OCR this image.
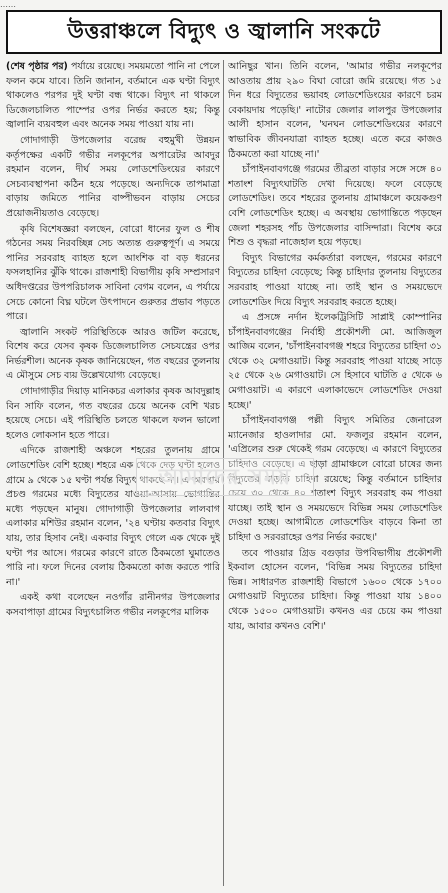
……
উত্তরাঞ্চলে বিদ্যুৎ ও জ্বালানি সংকটে

(শেষ পৃষ্ঠার পর) পর্যায়ে রয়েছে। সময়মতো পানি না পেলে ফলন কমে যাবে। তিনি জানান, বর্তমানে এক ঘণ্টা বিদ্যুৎ থাকলেও পরপর দুই ঘণ্টা বন্ধ থাকে। বিদ্যুৎ না থাকলে ডিজেলচালিত পাম্পের ওপর নির্ভর করতে হয়; কিন্তু জ্বালানি ব্যয়বহুল এবং অনেক সময় পাওয়া যায় না।

গোদাগাড়ী উপজেলার বরেন্দ্র বহুমুখী উন্নয়ন কর্তৃপক্ষের একটি গভীর নলকূপের অপারেটর আবদুর রহমান বলেন, দীর্ঘ সময় লোডশেডিংয়ের কারণে সেচব্যবস্থাপনা কঠিন হয়ে পড়েছে। অন্যদিকে তাপমাত্রা বাড়ায় জমিতে পানির বাষ্পীভবন বাড়ায় সেচের প্রয়োজনীয়তাও বেড়েছে।

কৃষি বিশেষজ্ঞরা বলছেন, বোরো ধানের ফুল ও শীষ গঠনের সময় নিরবচ্ছিন্ন সেচ অত্যন্ত গুরুত্বপূর্ণ। এ সময়ে পানির সরবরাহ ব্যাহত হলে আংশিক বা বড় ধরনের ফসলহানির ঝুঁকি থাকে। রাজশাহী বিভাগীয় কৃষি সম্প্রসারণ অধিদপ্তরের উপপরিচালক সাবিনা বেগম বলেন, এ পর্যায়ে সেচে কোনো বিঘ্ন ঘটলে উৎপাদনে গুরুতর প্রভাব পড়তে পারে।

জ্বালানি সংকট পরিস্থিতিকে আরও জটিল করেছে, বিশেষ করে যেসব কৃষক ডিজেলচালিত সেচযন্ত্রের ওপর নির্ভরশীল। অনেক কৃষক জানিয়েছেন, গত বছরের তুলনায় এ মৌসুমে সেচ ব্যয় উল্লেখযোগ্য বেড়েছে।

গোদাগাড়ীর দিয়াড় মানিকচর এলাকার কৃষক আবদুল্লাহ বিন সাফি বলেন, গত বছরের চেয়ে অনেক বেশি খরচ হয়েছে সেচে। এই পরিস্থিতি চলতে থাকলে ফলন ভালো হলেও লোকসান হতে পারে।

এদিকে রাজশাহী অঞ্চলে শহরের তুলনায় গ্রামে লোডশেডিং বেশি হচ্ছে। শহরে এক থেকে দেড় ঘণ্টা হলেও গ্রামে ৯ থেকে ১৫ ঘণ্টা পর্যন্ত বিদ্যুৎ থাকছে না। এ অবস্থায় প্রচণ্ড গরমের মধ্যে বিদ্যুতের যাওয়া-আসায় ভোগান্তির মধ্যে পড়ছেন মানুষ। গোদাগাড়ী উপজেলার লালবাগ এলাকার মশিউর রহমান বলেন, '২৪ ঘণ্টায় কতবার বিদ্যুৎ যায়, তার হিসাব নেই। একবার বিদ্যুৎ গেলে এক থেকে দুই ঘণ্টা পর আসে। গরমের কারণে রাতে ঠিকমতো ঘুমাতেও পারি না। ফলে দিনের বেলায় ঠিকমতো কাজ করতে পারি না।'

একই কথা বলেছেন নওগাঁর রানীনগর উপজেলার কসবাপাড়া গ্রামের বিদ্যুৎচালিত গভীর নলকূপের মালিক

আনিছুর খান। তিনি বলেন, 'আমার গভীর নলকূপের আওতায় প্রায় ২৯০ বিঘা বোরো জমি রয়েছে। গত ১৫ দিন ধরে বিদ্যুতের ভয়াবহ লোডশেডিংয়ের কারণে চরম বেকায়দায় পড়েছি।' নাটোর জেলার লালপুর উপজেলার আলী হাসান বলেন, 'ঘনঘন লোডশেডিংয়ের কারণে স্বাভাবিক জীবনযাত্রা ব্যাহত হচ্ছে। এতে করে কাজও ঠিকমতো করা যাচ্ছে না।'

চাঁপাইনবাবগঞ্জে গরমের তীব্রতা বাড়ার সঙ্গে সঙ্গে ৪০ শতাংশ বিদ্যুৎঘাটতি দেখা দিয়েছে। ফলে বেড়েছে লোডশেডিং। তবে শহরের তুলনায় গ্রামাঞ্চলে কয়েকগুণ বেশি লোডশেডিং হচ্ছে। এ অবস্থায় ভোগান্তিতে পড়ছেন জেলা শহরসহ পাঁচ উপজেলার বাসিন্দারা। বিশেষ করে শিশু ও বৃদ্ধরা নাজেহাল হয়ে পড়ছে।

বিদ্যুৎ বিভাগের কর্মকর্তারা বলছেন, গরমের কারণে বিদ্যুতের চাহিদা বেড়েছে; কিন্তু চাহিদার তুলনায় বিদ্যুতের সরবরাহ পাওয়া যাচ্ছে না। তাই স্থান ও সময়ভেদে লোডশেডিং দিয়ে বিদ্যুৎ সরবরাহ করতে হচ্ছে।

এ প্রসঙ্গে নর্দান ইলেকট্রিসিটি সাপ্লাই কোম্পানির চাঁপাইনবাবগঞ্জের নির্বাহী প্রকৌশলী মো. আজিজুল আজিম বলেন, 'চাঁপাইনবাবগঞ্জ শহরে বিদ্যুতের চাহিদা ৩১ থেকে ৩২ মেগাওয়াট। কিন্তু সরবরাহ পাওয়া যাচ্ছে সাড়ে ২৫ থেকে ২৬ মেগাওয়াট। সে হিসাবে ঘাটতি ৫ থেকে ৬ মেগাওয়াট। এ কারণে এলাকাভেদে লোডশেডিং দেওয়া হচ্ছে।'

চাঁপাইনবাবগঞ্জ পল্লী বিদ্যুৎ সমিতির জেনারেল ম্যানেজার হাওলাদার মো. ফজলুর রহমান বলেন, 'এপ্রিলের শুরু থেকেই গরম বেড়েছে। এ কারণে বিদ্যুতের চাহিদাও বেড়েছে। এ ছাড়া গ্রামাঞ্চলে বোরো চাষের জন্য বিদ্যুতের বাড়তি চাহিদা রয়েছে; কিন্তু বর্তমানে চাহিদার চেয়ে ৩০ থেকে ৪০ শতাংশ বিদ্যুৎ সরবরাহ কম পাওয়া যাচ্ছে। তাই স্থান ও সময়ভেদে বিভিন্ন সময় লোডশেডিং দেওয়া হচ্ছে। আগামীতে লোডশেডিং বাড়বে কিনা তা চাহিদা ও সরবরাহের ওপর নির্ভর করছে।'

তবে পাওয়ার গ্রিড বগুড়ার উপবিভাগীয় প্রকৌশলী ইকবাল হোসেন বলেন, 'বিভিন্ন সময় বিদ্যুতের চাহিদা ভিন্ন। সাধারণত রাজশাহী বিভাগে ১৬০০ থেকে ১৭০০ মেগাওয়াট বিদ্যুতের চাহিদা। কিন্তু পাওয়া যায় ১৪০০ থেকে ১৫০০ মেগাওয়াট। কখনও এর চেয়ে কম পাওয়া যায়, আবার কখনও বেশি।'

আমাদের সময়
